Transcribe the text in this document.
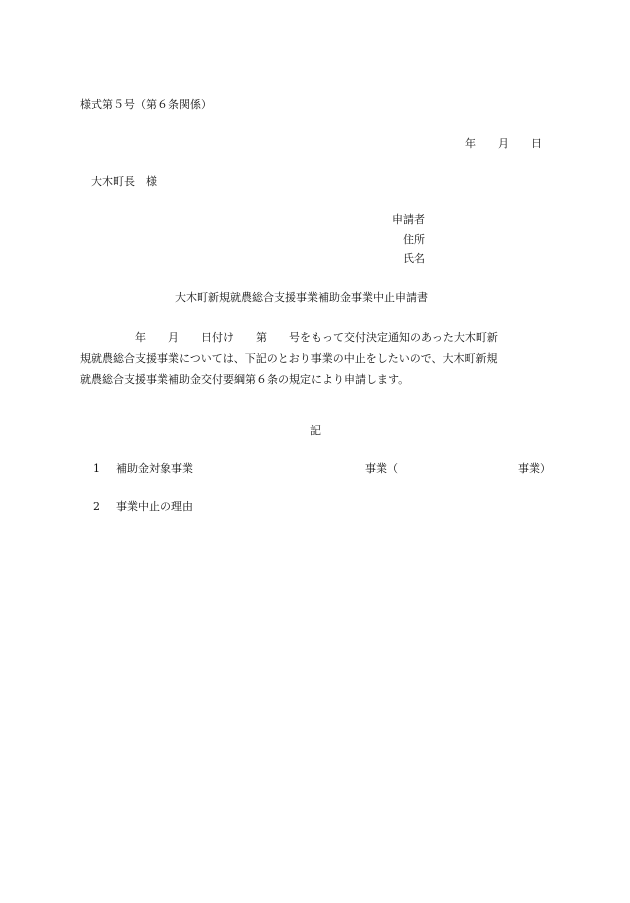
様式第５号（第６条関係）
年　　月　　日
大木町長　様
申請者
住所
氏名
大木町新規就農総合支援事業補助金事業中止申請書
　　　　　年　　月　　日付け　　第　　号をもって交付決定通知のあった大木町新
規就農総合支援事業については、下記のとおり事業の中止をしたいので、大木町新規
就農総合支援事業補助金交付要綱第６条の規定により申請します。
記
1 補助金対象事業	事業（	事業）
2 事業中止の理由
